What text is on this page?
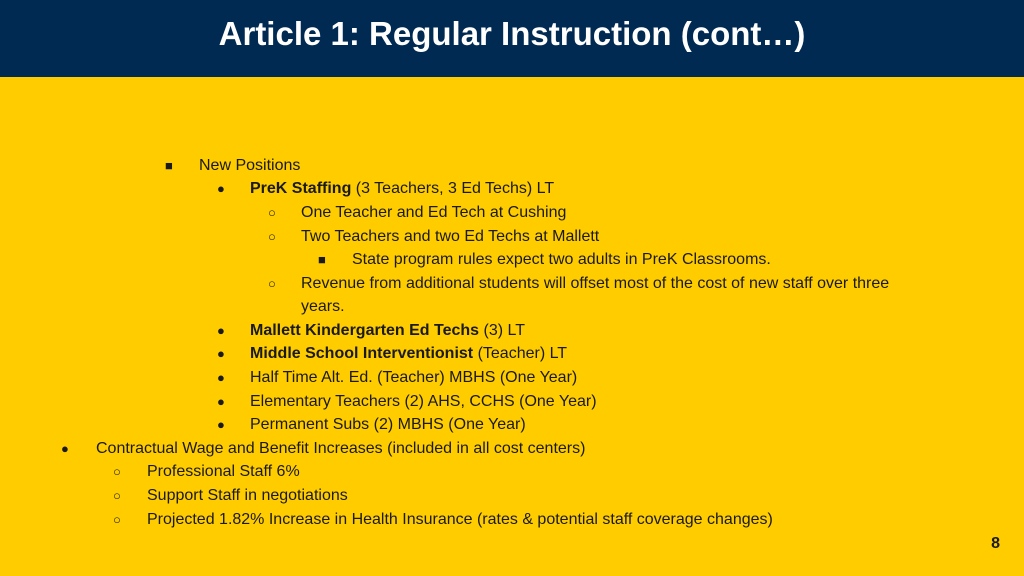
Article 1: Regular Instruction (cont…)
■ New Positions
● PreK Staffing (3 Teachers, 3 Ed Techs) LT
○ One Teacher and Ed Tech at Cushing
○ Two Teachers and two Ed Techs at Mallett
■ State program rules expect two adults in PreK Classrooms.
○ Revenue from additional students will offset most of the cost of new staff over three
years.
● Mallett Kindergarten Ed Techs (3) LT
● Middle School Interventionist (Teacher) LT
● Half Time Alt. Ed. (Teacher) MBHS (One Year)
● Elementary Teachers (2) AHS, CCHS (One Year)
● Permanent Subs (2) MBHS (One Year)
● Contractual Wage and Benefit Increases (included in all cost centers)
○ Professional Staff 6%
○ Support Staff in negotiations
○ Projected 1.82% Increase in Health Insurance (rates & potential staff coverage changes)
8
